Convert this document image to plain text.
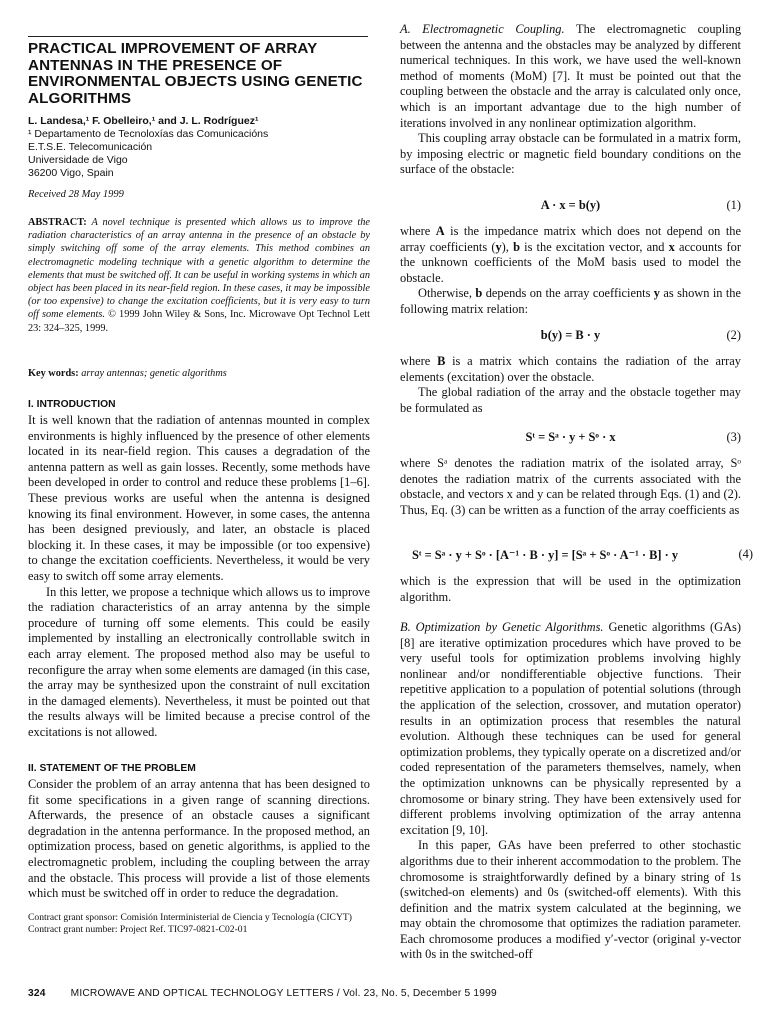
PRACTICAL IMPROVEMENT OF ARRAY ANTENNAS IN THE PRESENCE OF ENVIRONMENTAL OBJECTS USING GENETIC ALGORITHMS
L. Landesa,¹ F. Obelleiro,¹ and J. L. Rodríguez¹
¹ Departamento de Tecnoloxías das Comunicacións
E.T.S.E. Telecomunicación
Universidade de Vigo
36200 Vigo, Spain
Received 28 May 1999
ABSTRACT: A novel technique is presented which allows us to improve the radiation characteristics of an array antenna in the presence of an obstacle by simply switching off some of the array elements. This method combines an electromagnetic modeling technique with a genetic algorithm to determine the elements that must be switched off. It can be useful in working systems in which an object has been placed in its near-field region. In these cases, it may be impossible (or too expensive) to change the excitation coefficients, but it is very easy to turn off some elements. © 1999 John Wiley & Sons, Inc. Microwave Opt Technol Lett 23: 324–325, 1999.
Key words: array antennas; genetic algorithms
I. INTRODUCTION

It is well known that the radiation of antennas mounted in complex environments is highly influenced by the presence of other elements located in its near-field region. This causes a degradation of the antenna pattern as well as gain losses. Recently, some methods have been developed in order to control and reduce these problems [1–6]. These previous works are useful when the antenna is designed knowing its final environment. However, in some cases, the antenna has been designed previously, and later, an obstacle is placed blocking it. In these cases, it may be impossible (or too expensive) to change the excitation coefficients. Nevertheless, it would be very easy to switch off some array elements.

In this letter, we propose a technique which allows us to improve the radiation characteristics of an array antenna by the simple procedure of turning off some elements. This could be easily implemented by installing an electronically controllable switch in each array element. The proposed method also may be useful to reconfigure the array when some elements are damaged (in this case, the array may be synthesized upon the constraint of null excitation in the damaged elements). Nevertheless, it must be pointed out that the results always will be limited because a precise control of the excitations is not allowed.

II. STATEMENT OF THE PROBLEM

Consider the problem of an array antenna that has been designed to fit some specifications in a given range of scanning directions. Afterwards, the presence of an obstacle causes a significant degradation in the antenna performance. In the proposed method, an optimization process, based on genetic algorithms, is applied to the electromagnetic problem, including the coupling between the array and the obstacle. This process will provide a list of those elements which must be switched off in order to reduce the degradation.

Contract grant sponsor: Comisión Interministerial de Ciencia y Tecnología (CICYT)
Contract grant number: Project Ref. TIC97-0821-C02-01

A. Electromagnetic Coupling. The electromagnetic coupling between the antenna and the obstacles may be analyzed by different numerical techniques. In this work, we have used the well-known method of moments (MoM) [7]. It must be pointed out that the coupling between the obstacle and the array is calculated only once, which is an important advantage due to the high number of iterations involved in any nonlinear optimization algorithm.

This coupling array obstacle can be formulated in a matrix form, by imposing electric or magnetic field boundary conditions on the surface of the obstacle:

A · x = b(y)	(1)

where A is the impedance matrix which does not depend on the array coefficients (y), b is the excitation vector, and x accounts for the unknown coefficients of the MoM basis used to model the obstacle.

Otherwise, b depends on the array coefficients y as shown in the following matrix relation:

b(y) = B · y	(2)

where B is a matrix which contains the radiation of the array elements (excitation) over the obstacle.

The global radiation of the array and the obstacle together may be formulated as

Sᵗ = Sᵃ · y + Sᵒ · x	(3)

where Sᵃ denotes the radiation matrix of the isolated array, Sᵒ denotes the radiation matrix of the currents associated with the obstacle, and vectors x and y can be related through Eqs. (1) and (2). Thus, Eq. (3) can be written as a function of the array coefficients as

Sᵗ = Sᵃ · y + Sᵒ · [A⁻¹ · B · y] = [Sᵃ + Sᵒ · A⁻¹ · B] · y	(4)

which is the expression that will be used in the optimization algorithm.

B. Optimization by Genetic Algorithms. Genetic algorithms (GAs) [8] are iterative optimization procedures which have proved to be very useful tools for optimization problems involving highly nonlinear and/or nondifferentiable objective functions. Their repetitive application to a population of potential solutions (through the application of the selection, crossover, and mutation operator) results in an optimization process that resembles the natural evolution. Although these techniques can be used for general optimization problems, they typically operate on a discretized and/or coded representation of the parameters themselves, namely, when the optimization unknowns can be physically represented by a chromosome or binary string. They have been extensively used for different problems involving optimization of the array antenna excitation [9, 10].

In this paper, GAs have been preferred to other stochastic algorithms due to their inherent accommodation to the problem. The chromosome is straightforwardly defined by a binary string of 1s (switched-on elements) and 0s (switched-off elements). With this definition and the matrix system calculated at the beginning, we may obtain the chromosome that optimizes the radiation parameter. Each chromosome produces a modified y′-vector (original y-vector with 0s in the switched-off

324 MICROWAVE AND OPTICAL TECHNOLOGY LETTERS / Vol. 23, No. 5, December 5 1999
